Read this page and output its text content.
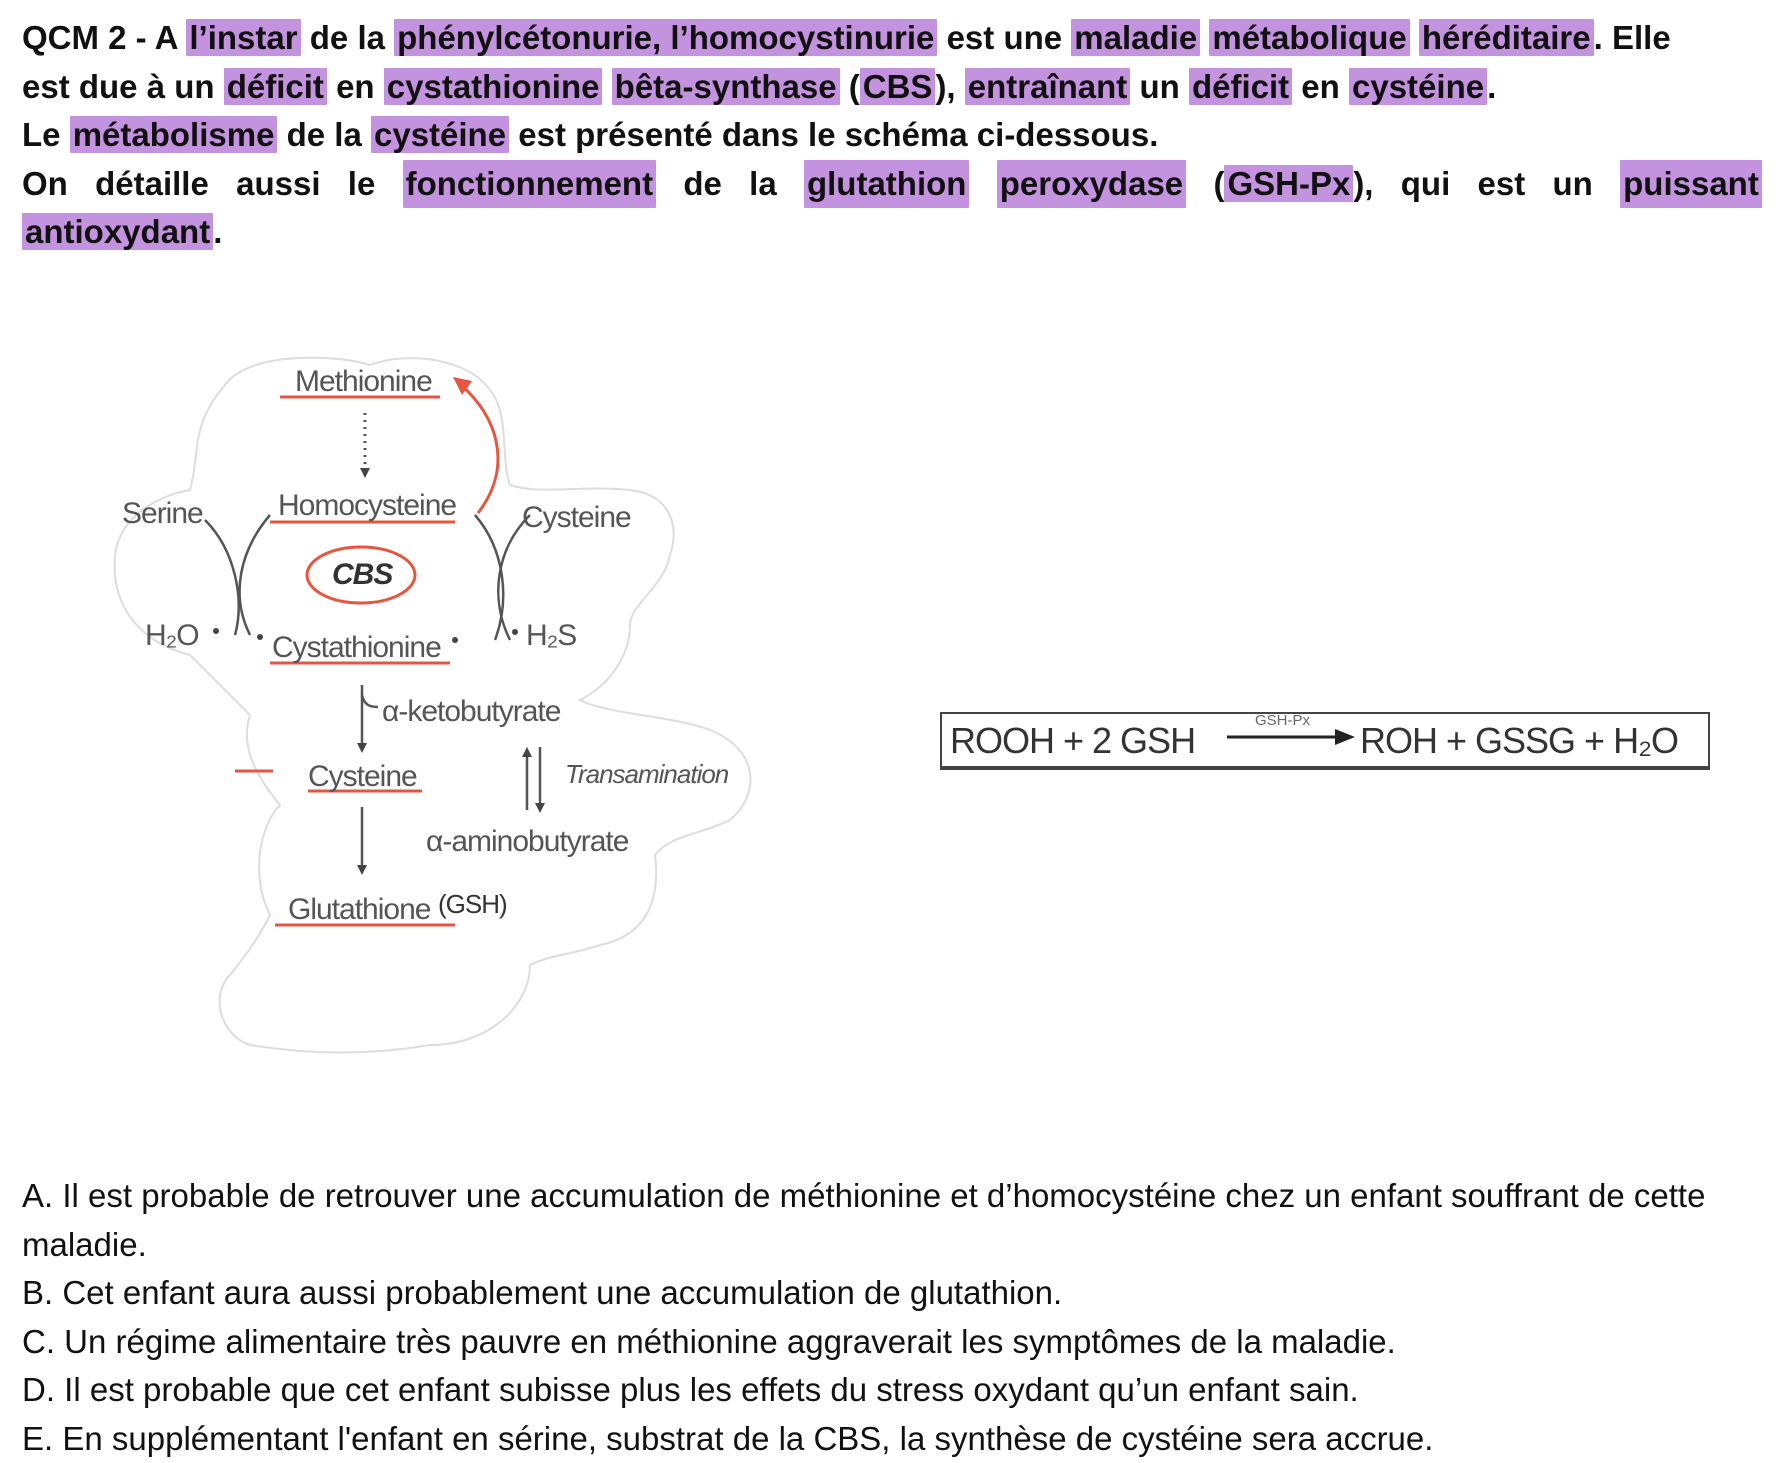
QCM 2 - A l’instar de la phénylcétonurie, l’homocystinurie est une maladie métabolique héréditaire. Elle
est due à un déficit en cystathionine bêta-synthase (CBS), entraînant un déficit en cystéine.
Le métabolisme de la cystéine est présenté dans le schéma ci-dessous.
On détaille aussi le fonctionnement de la glutathion peroxydase (GSH-Px), qui est un puissant
antioxydant.
Methionine
Homocysteine
Serine	Cysteine
CBS
H₂O Cystathionine	H₂S
α-ketobutyrate
Transamination
Cysteine
α-aminobutyrate
Glutathione (GSH)
ROOH + 2 GSH	GSH-Px → ROH + GSSG + H₂O
A. Il est probable de retrouver une accumulation de méthionine et d’homocystéine chez un enfant souffrant de cette maladie.
B. Cet enfant aura aussi probablement une accumulation de glutathion.
C. Un régime alimentaire très pauvre en méthionine aggraverait les symptômes de la maladie.
D. Il est probable que cet enfant subisse plus les effets du stress oxydant qu’un enfant sain.
E. En supplémentant l'enfant en sérine, substrat de la CBS, la synthèse de cystéine sera accrue.
